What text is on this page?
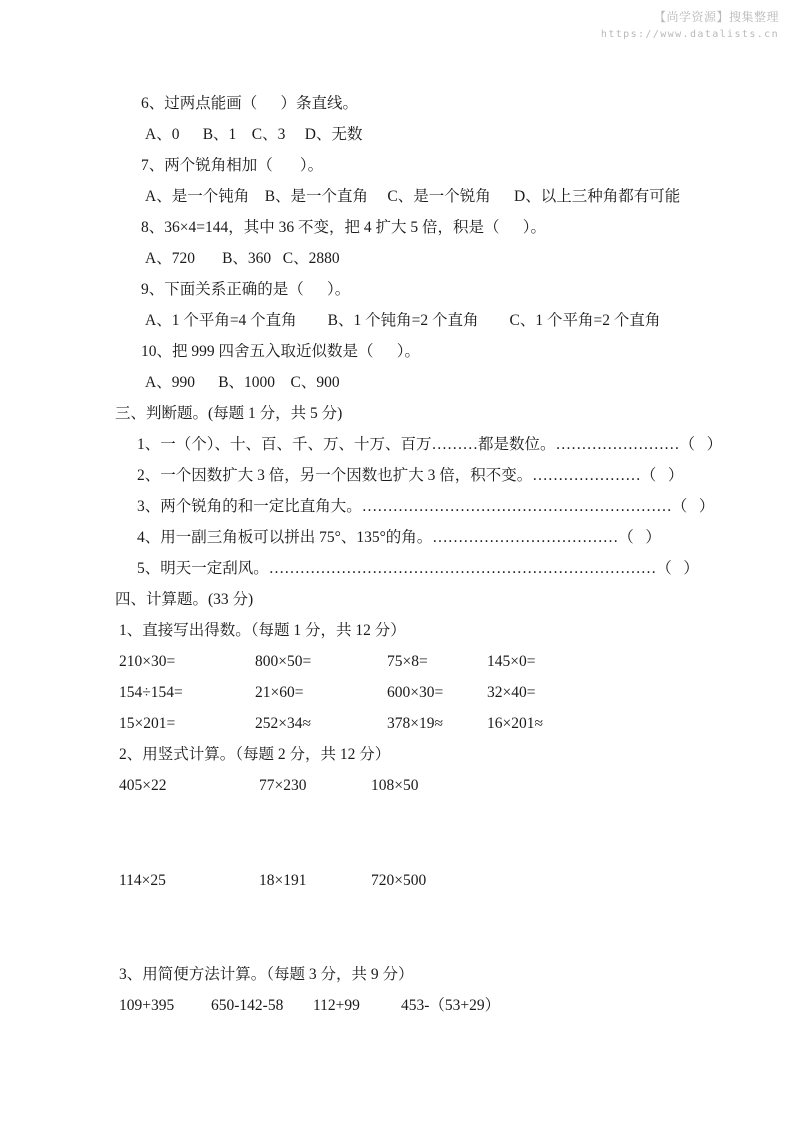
【尚学资源】搜集整理
https://www.datalists.cn
6、过两点能画（      ）条直线。
A、0      B、1    C、3     D、无数
7、两个锐角相加（       ）。
A、是一个钝角    B、是一个直角     C、是一个锐角      D、以上三种角都有可能
8、36×4=144，其中 36 不变，把 4 扩大 5 倍，积是（      ）。
A、720       B、360   C、2880
9、下面关系正确的是（      ）。
A、1 个平角=4 个直角        B、1 个钝角=2 个直角        C、1 个平角=2 个直角
10、把 999 四舍五入取近似数是（      ）。
A、990      B、1000    C、900
三、判断题。(每题 1 分，共 5 分)
1、一（个）、十、百、千、万、十万、百万………都是数位。……………………（   ）
2、一个因数扩大 3 倍，另一个因数也扩大 3 倍，积不变。…………………（   ）
3、两个锐角的和一定比直角大。……………………………………………………（   ）
4、用一副三角板可以拼出 75°、135°的角。………………………………（   ）
5、明天一定刮风。…………………………………………………………………（   ）
四、计算题。(33 分)
1、直接写出得数。（每题 1 分，共 12 分）
210×30=	800×50=	75×8=	145×0=
154÷154=	21×60=	600×30=	32×40=
15×201=	252×34≈	378×19≈	16×201≈
2、用竖式计算。（每题 2 分，共 12 分）
405×22	77×230	108×50
114×25	18×191	720×500
3、用简便方法计算。（每题 3 分，共 9 分）
109+395	650-142-58	112+99	453-（53+29）
